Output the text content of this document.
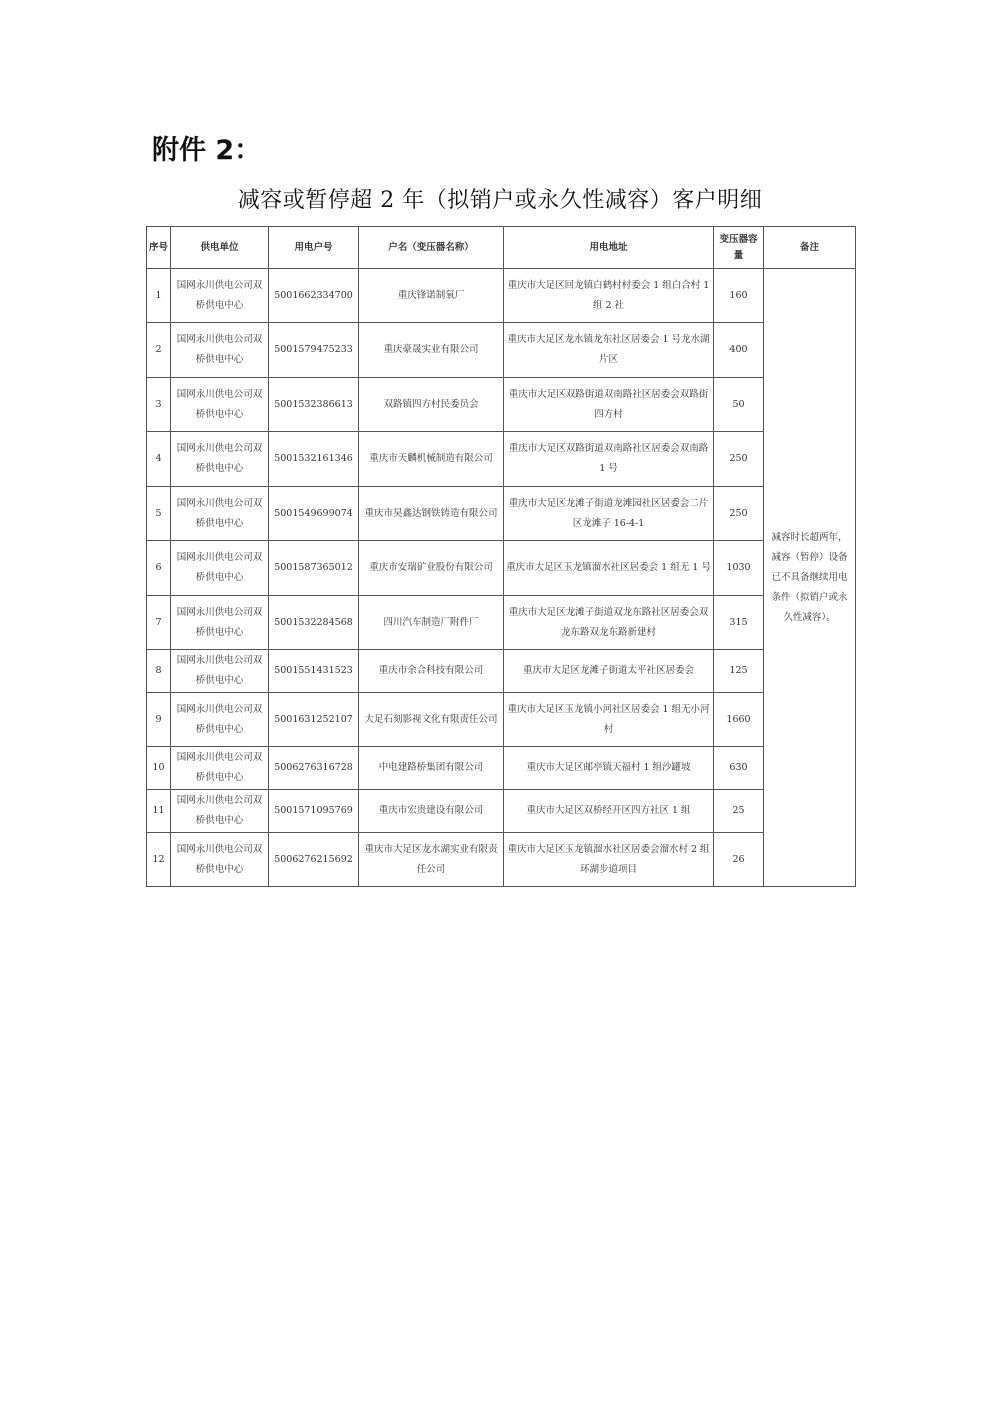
附件 2：
减容或暂停超 2 年（拟销户或永久性减容）客户明细
序号	供电单位	用电户号	户名（变压器名称）	用电地址	变压器容量	备注
1	国网永川供电公司双桥供电中心	5001662334700	重庆锋诺制氧厂	重庆市大足区回龙镇白鹤村村委会 1 组白合村 1 组 2 社	160	减容时长超两年，减容（暂停）设备已不具备继续用电条件（拟销户或永久性减容）。
2	国网永川供电公司双桥供电中心	5001579475233	重庆豪晟实业有限公司	重庆市大足区龙水镇龙东社区居委会 1 号龙水湖片区	400	
3	国网永川供电公司双桥供电中心	5001532386613	双路镇四方村民委员会	重庆市大足区双路街道双南路社区居委会双路街四方村	50	
4	国网永川供电公司双桥供电中心	5001532161346	重庆市天麟机械制造有限公司	重庆市大足区双路街道双南路社区居委会双南路 1 号	250	
5	国网永川供电公司双桥供电中心	5001549699074	重庆市昊鑫达钢铁铸造有限公司	重庆市大足区龙滩子街道龙滩园社区居委会二片区龙滩子 16-4-1	250	
6	国网永川供电公司双桥供电中心	5001587365012	重庆市安瑞矿业股份有限公司	重庆市大足区玉龙镇溜水社区居委会 1 组无 1 号	1030	
7	国网永川供电公司双桥供电中心	5001532284568	四川汽车制造厂附件厂	重庆市大足区龙滩子街道双龙东路社区居委会双龙东路双龙东路新建村	315	
8	国网永川供电公司双桥供电中心	5001551431523	重庆市余合科技有限公司	重庆市大足区龙滩子街道太平社区居委会	125	
9	国网永川供电公司双桥供电中心	5001631252107	大足石刻影视文化有限责任公司	重庆市大足区玉龙镇小河社区居委会 1 组无小河村	1660	
10	国网永川供电公司双桥供电中心	5006276316728	中电建路桥集团有限公司	重庆市大足区邮亭镇天福村 1 组沙罐坡	630	
11	国网永川供电公司双桥供电中心	5001571095769	重庆市宏贵建设有限公司	重庆市大足区双桥经开区四方社区 1 组	25	
12	国网永川供电公司双桥供电中心	5006276215692	重庆市大足区龙水湖实业有限责任公司	重庆市大足区玉龙镇溜水社区居委会溜水村 2 组环湖步道项目	26	
